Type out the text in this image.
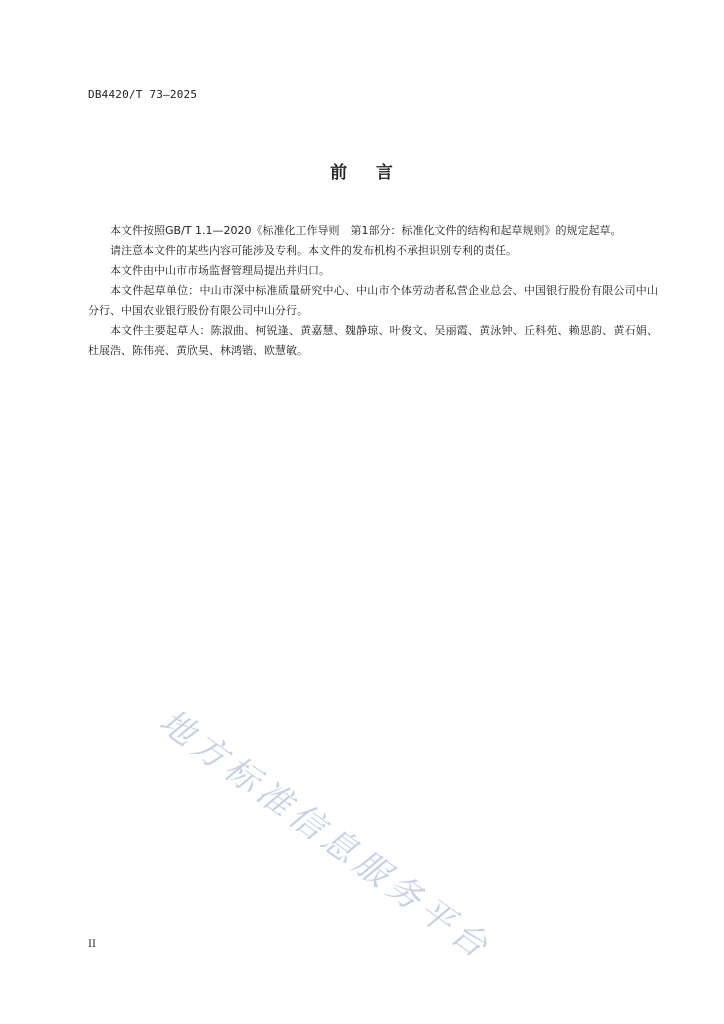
DB4420/T 73—2025
前    言

本文件按照GB/T 1.1—2020《标准化工作导则　第1部分：标准化文件的结构和起草规则》的规定起草。

请注意本文件的某些内容可能涉及专利。本文件的发布机构不承担识别专利的责任。

本文件由中山市市场监督管理局提出并归口。

本文件起草单位：中山市深中标准质量研究中心、中山市个体劳动者私营企业总会、中国银行股份有限公司中山分行、中国农业银行股份有限公司中山分行。

本文件主要起草人：陈淑曲、柯锐逢、黄嘉慧、魏静琼、叶俊文、吴丽霞、黄泳钟、丘科苑、赖思韵、黄石娟、杜展浩、陈伟亮、黄欣昊、林鸿锴、欧慧敏。

地方标准信息服务平台
II
